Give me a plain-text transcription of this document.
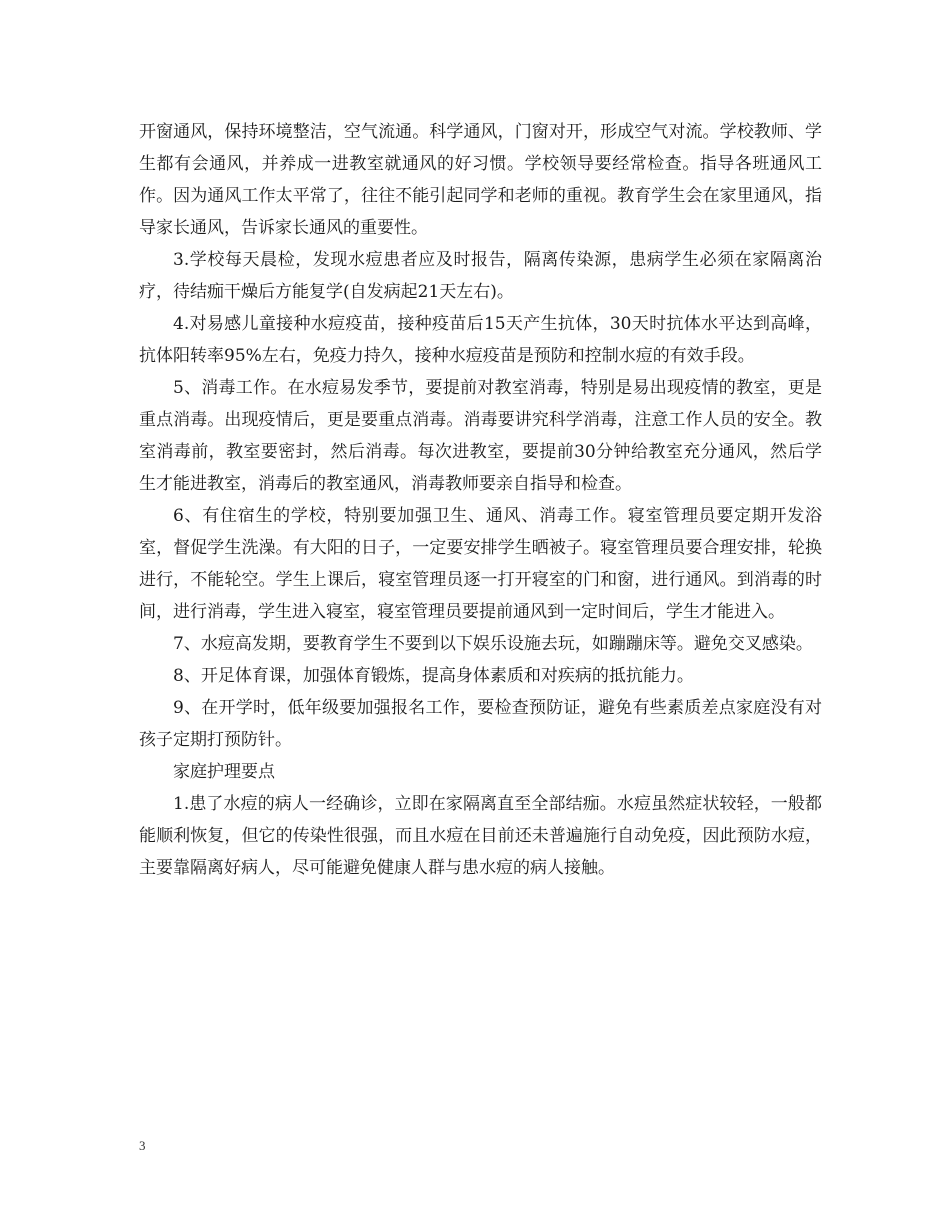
开窗通风，保持环境整洁，空气流通。科学通风，门窗对开，形成空气对流。学校教师、学生都有会通风，并养成一进教室就通风的好习惯。学校领导要经常检查。指导各班通风工作。因为通风工作太平常了，往往不能引起同学和老师的重视。教育学生会在家里通风，指导家长通风，告诉家长通风的重要性。

3.学校每天晨检，发现水痘患者应及时报告，隔离传染源，患病学生必须在家隔离治疗，待结痂干燥后方能复学(自发病起21天左右)。

4.对易感儿童接种水痘疫苗，接种疫苗后15天产生抗体，30天时抗体水平达到高峰，抗体阳转率95%左右，免疫力持久，接种水痘疫苗是预防和控制水痘的有效手段。

5、消毒工作。在水痘易发季节，要提前对教室消毒，特别是易出现疫情的教室，更是重点消毒。出现疫情后，更是要重点消毒。消毒要讲究科学消毒，注意工作人员的安全。教室消毒前，教室要密封，然后消毒。每次进教室，要提前30分钟给教室充分通风，然后学生才能进教室，消毒后的教室通风，消毒教师要亲自指导和检查。

6、有住宿生的学校，特别要加强卫生、通风、消毒工作。寝室管理员要定期开发浴室，督促学生洗澡。有大阳的日子，一定要安排学生晒被子。寝室管理员要合理安排，轮换进行，不能轮空。学生上课后，寝室管理员逐一打开寝室的门和窗，进行通风。到消毒的时间，进行消毒，学生进入寝室，寝室管理员要提前通风到一定时间后，学生才能进入。

7、水痘高发期，要教育学生不要到以下娱乐设施去玩，如蹦蹦床等。避免交叉感染。

8、开足体育课，加强体育锻炼，提高身体素质和对疾病的抵抗能力。

9、在开学时，低年级要加强报名工作，要检查预防证，避免有些素质差点家庭没有对孩子定期打预防针。

家庭护理要点

1.患了水痘的病人一经确诊，立即在家隔离直至全部结痂。水痘虽然症状较轻，一般都能顺利恢复，但它的传染性很强，而且水痘在目前还未普遍施行自动免疫，因此预防水痘，主要靠隔离好病人，尽可能避免健康人群与患水痘的病人接触。

3
